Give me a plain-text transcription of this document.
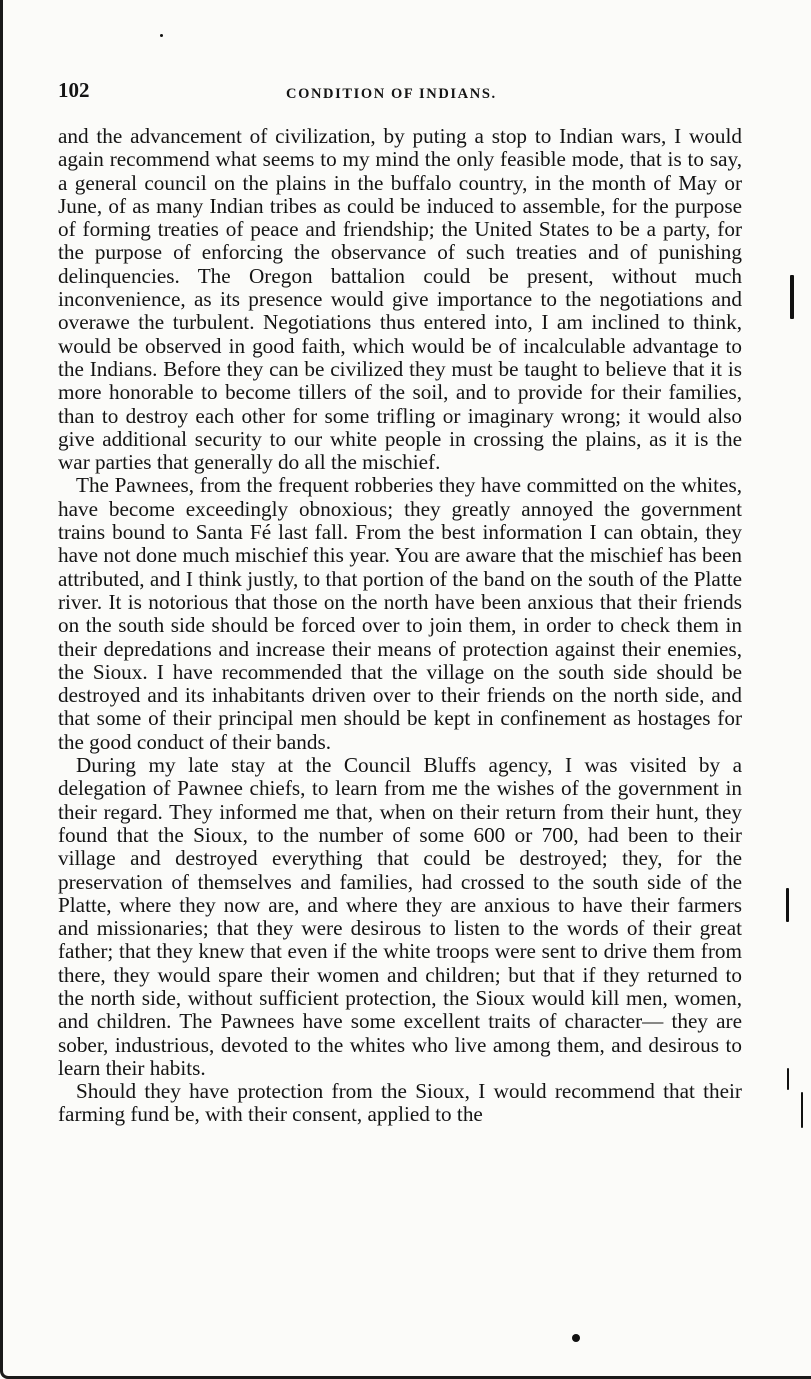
102	CONDITION OF INDIANS.

and the advancement of civilization, by puting a stop to Indian wars, I would again recommend what seems to my mind the only feasible mode, that is to say, a general council on the plains in the buffalo country, in the month of May or June, of as many Indian tribes as could be induced to assemble, for the purpose of forming treaties of peace and friendship; the United States to be a party, for the purpose of enforcing the observance of such treaties and of punishing delinquencies. The Oregon battalion could be present, without much inconvenience, as its presence would give importance to the negotiations and overawe the turbulent. Negotiations thus entered into, I am inclined to think, would be observed in good faith, which would be of incalculable advantage to the Indians. Before they can be civilized they must be taught to believe that it is more honorable to become tillers of the soil, and to provide for their families, than to destroy each other for some trifling or imaginary wrong; it would also give additional security to our white people in crossing the plains, as it is the war parties that generally do all the mischief.

The Pawnees, from the frequent robberies they have committed on the whites, have become exceedingly obnoxious; they greatly annoyed the government trains bound to Santa Fé last fall. From the best information I can obtain, they have not done much mischief this year. You are aware that the mischief has been attributed, and I think justly, to that portion of the band on the south of the Platte river. It is notorious that those on the north have been anxious that their friends on the south side should be forced over to join them, in order to check them in their depredations and increase their means of protection against their enemies, the Sioux. I have recommended that the village on the south side should be destroyed and its inhabitants driven over to their friends on the north side, and that some of their principal men should be kept in confinement as hostages for the good conduct of their bands.

During my late stay at the Council Bluffs agency, I was visited by a delegation of Pawnee chiefs, to learn from me the wishes of the government in their regard. They informed me that, when on their return from their hunt, they found that the Sioux, to the number of some 600 or 700, had been to their village and destroyed everything that could be destroyed; they, for the preservation of themselves and families, had crossed to the south side of the Platte, where they now are, and where they are anxious to have their farmers and missionaries; that they were desirous to listen to the words of their great father; that they knew that even if the white troops were sent to drive them from there, they would spare their women and children; but that if they returned to the north side, without sufficient protection, the Sioux would kill men, women, and children. The Pawnees have some excellent traits of character— they are sober, industrious, devoted to the whites who live among them, and desirous to learn their habits.

Should they have protection from the Sioux, I would recommend that their farming fund be, with their consent, applied to the
